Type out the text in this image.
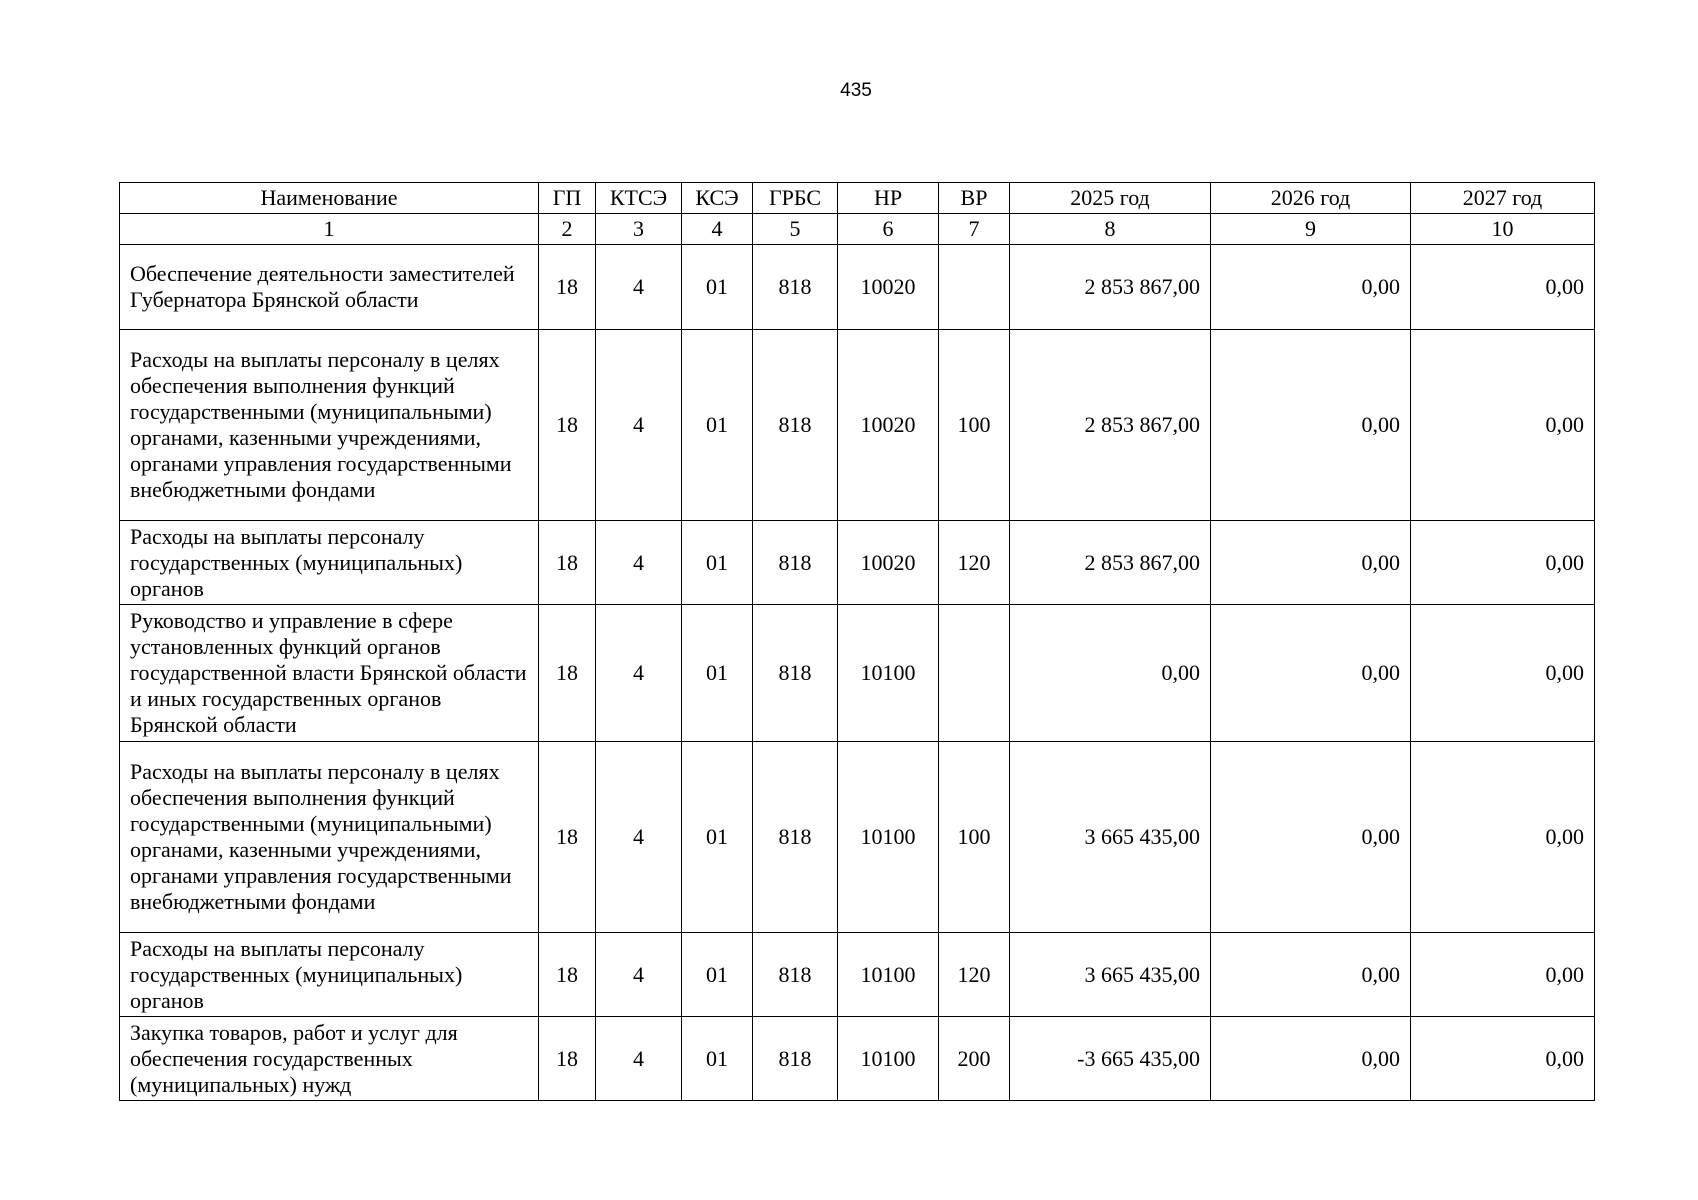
435
Наименование	ГП	КТСЭ	КСЭ	ГРБС	НР	ВР	2025 год	2026 год	2027 год
1	2	3	4	5	6	7	8	9	10
Обеспечение деятельности заместителей Губернатора Брянской области	18	4	01	818	10020		2 853 867,00	0,00	0,00
Расходы на выплаты персоналу в целях обеспечения выполнения функций государственными (муниципальными) органами, казенными учреждениями, органами управления государственными внебюджетными фондами	18	4	01	818	10020	100	2 853 867,00	0,00	0,00
Расходы на выплаты персоналу государственных (муниципальных) органов	18	4	01	818	10020	120	2 853 867,00	0,00	0,00
Руководство и управление в сфере установленных функций органов государственной власти Брянской области и иных государственных органов Брянской области	18	4	01	818	10100		0,00	0,00	0,00
Расходы на выплаты персоналу в целях обеспечения выполнения функций государственными (муниципальными) органами, казенными учреждениями, органами управления государственными внебюджетными фондами	18	4	01	818	10100	100	3 665 435,00	0,00	0,00
Расходы на выплаты персоналу государственных (муниципальных) органов	18	4	01	818	10100	120	3 665 435,00	0,00	0,00
Закупка товаров, работ и услуг для обеспечения государственных (муниципальных) нужд	18	4	01	818	10100	200	-3 665 435,00	0,00	0,00
